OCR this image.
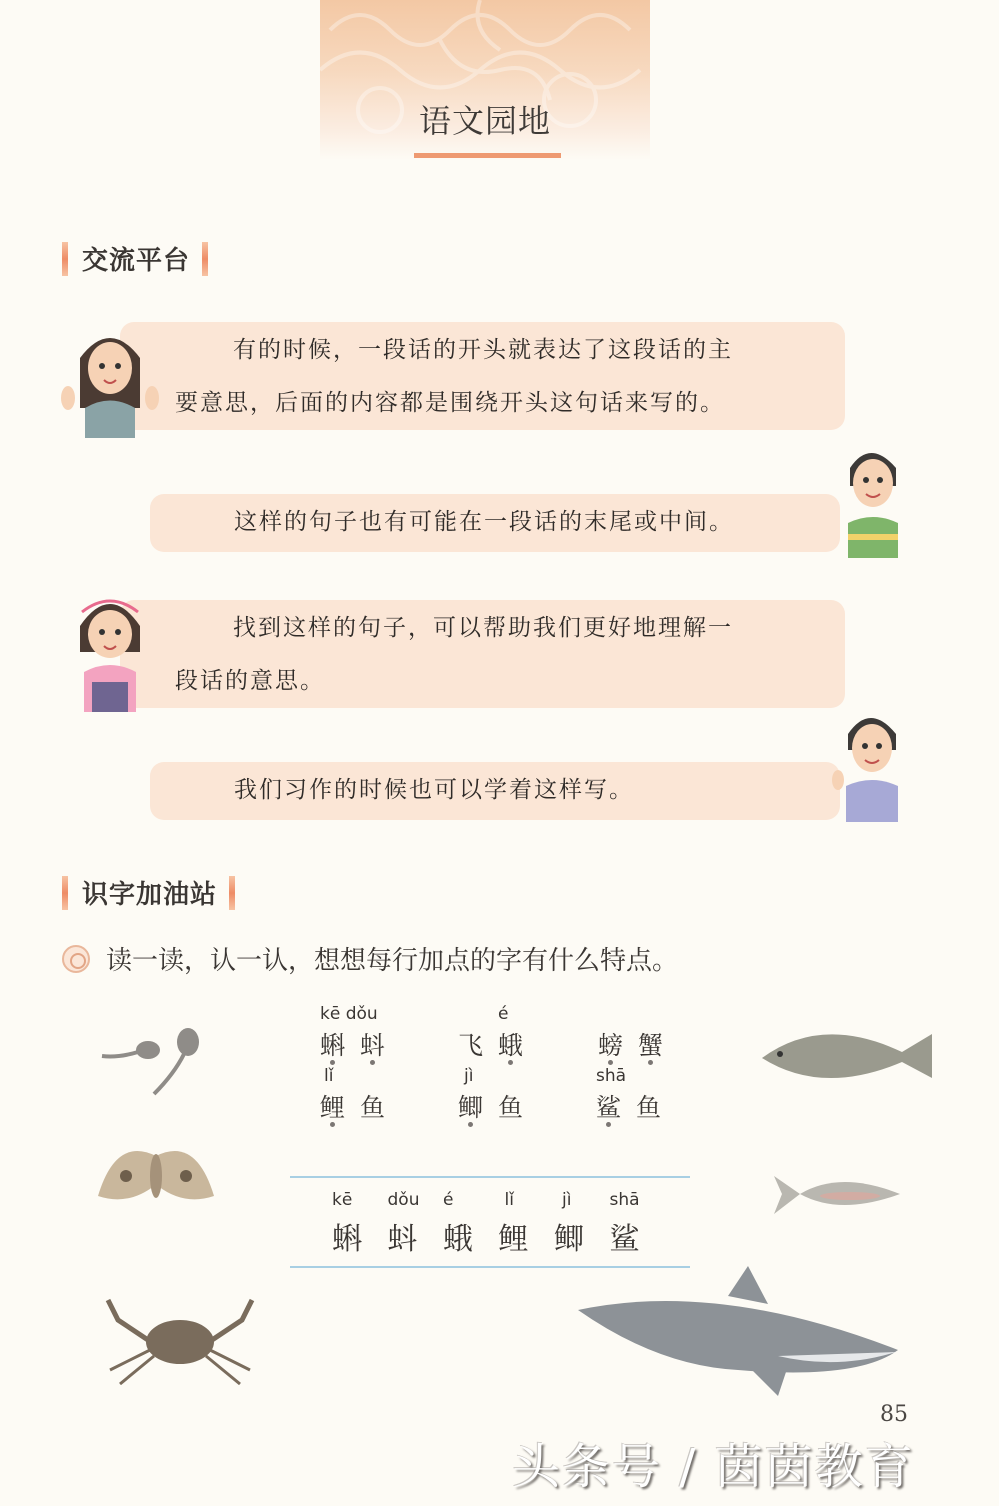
语文园地
交流平台

有的时候，一段话的开头就表达了这段话的主

要意思，后面的内容都是围绕开头这句话来写的。

这样的句子也有可能在一段话的末尾或中间。

找到这样的句子，可以帮助我们更好地理解一

段话的意思。

我们习作的时候也可以学着这样写。

识字加油站
读一读，认一认，想想每行加点的字有什么特点。
kē dǒu
蝌 蚪
é
飞 蛾	螃 蟹
lǐ
鲤 鱼
jì
鲫 鱼
shā
鲨 鱼
kē
蝌
dǒu
蚪
é
蛾
lǐ
鲤
jì
鲫
shā
鲨
85
头条号 / 茵茵教育
